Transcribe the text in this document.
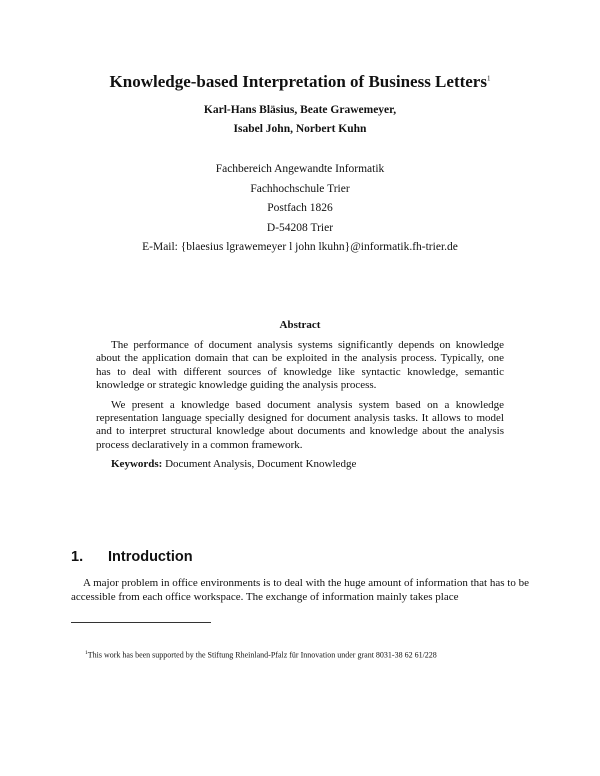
Knowledge-based Interpretation of Business Letters$^1$
Karl-Hans Bläsius, Beate Grawemeyer,
Isabel John, Norbert Kuhn
Fachbereich Angewandte Informatik
Fachhochschule Trier
Postfach 1826
D-54208 Trier
E-Mail: {blaesius lgrawemeyer l john lkuhn}@informatik.fh-trier.de
Abstract

The performance of document analysis systems significantly depends on knowledge about the application domain that can be exploited in the analysis process. Typically, one has to deal with different sources of knowledge like syntactic knowledge, semantic knowledge or strategic knowledge guiding the analysis process.

We present a knowledge based document analysis system based on a knowledge representation language specially designed for document analysis tasks. It allows to model and to interpret structural knowledge about documents and knowledge about the analysis process declaratively in a common framework.

Keywords: Document Analysis, Document Knowledge

1. Introduction

A major problem in office environments is to deal with the huge amount of information that has to be accessible from each office workspace. The exchange of information mainly takes place

$^1$This work has been supported by the Stiftung Rheinland-Pfalz für Innovation under grant 8031-38 62 61/228
